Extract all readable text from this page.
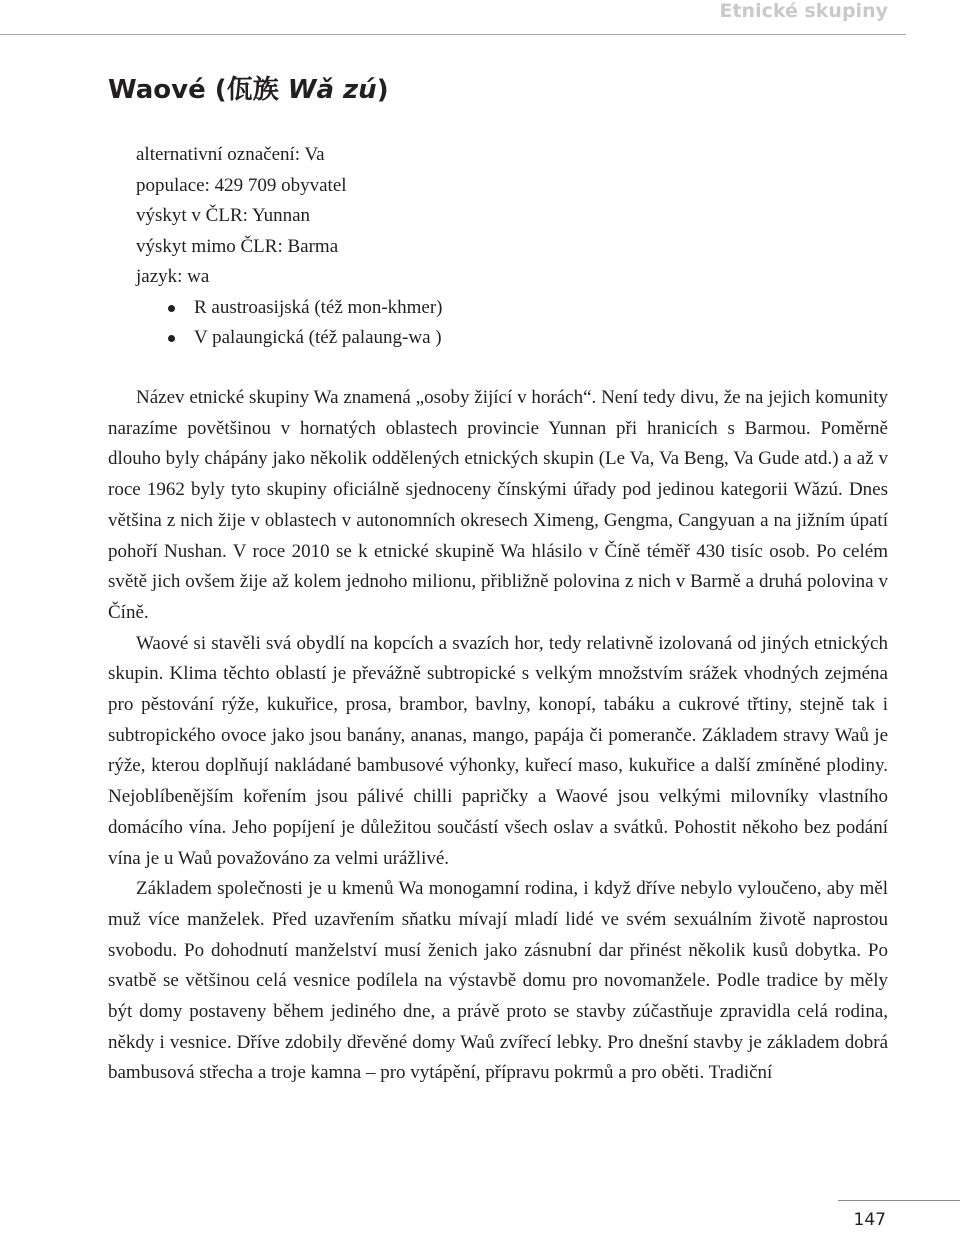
Etnické skupiny
Waové (佤族 Wǎ zú)
alternativní označení: Va
populace: 429 709 obyvatel
výskyt v ČLR: Yunnan
výskyt mimo ČLR: Barma
jazyk: wa
R austroasijská (též mon-khmer)
V palaungická (též palaung-wa )

Název etnické skupiny Wa znamená „osoby žijící v horách“. Není tedy divu, že na jejich komunity narazíme povětšinou v hornatých oblastech provincie Yunnan při hranicích s Barmou. Poměrně dlouho byly chápány jako několik oddělených etnických skupin (Le Va, Va Beng, Va Gude atd.) a až v roce 1962 byly tyto skupiny oficiálně sjednoceny čínskými úřady pod jedinou kategorii Wǎzú. Dnes většina z nich žije v oblastech v autonomních okresech Ximeng, Gengma, Cangyuan a na jižním úpatí pohoří Nushan. V roce 2010 se k etnické skupině Wa hlásilo v Číně téměř 430 tisíc osob. Po celém světě jich ovšem žije až kolem jednoho milionu, přibližně polovina z nich v Barmě a druhá polovina v Číně.

Waové si stavěli svá obydlí na kopcích a svazích hor, tedy relativně izolovaná od jiných etnických skupin. Klima těchto oblastí je převážně subtropické s velkým množstvím srážek vhodných zejména pro pěstování rýže, kukuřice, prosa, brambor, bavlny, konopí, tabáku a cukrové třtiny, stejně tak i subtropického ovoce jako jsou banány, ananas, mango, papája či pomeranče. Základem stravy Waů je rýže, kterou doplňují nakládané bambusové výhonky, kuřecí maso, kukuřice a další zmíněné plodiny. Nejoblíbenějším kořením jsou pálivé chilli papričky a Waové jsou velkými milovníky vlastního domácího vína. Jeho popíjení je důležitou součástí všech oslav a svátků. Pohostit někoho bez podání vína je u Waů považováno za velmi urážlivé.

Základem společnosti je u kmenů Wa monogamní rodina, i když dříve nebylo vyloučeno, aby měl muž více manželek. Před uzavřením sňatku mívají mladí lidé ve svém sexuálním životě naprostou svobodu. Po dohodnutí manželství musí ženich jako zásnubní dar přinést několik kusů dobytka. Po svatbě se většinou celá vesnice podílela na výstavbě domu pro novomanžele. Podle tradice by měly být domy postaveny během jediného dne, a právě proto se stavby zúčastňuje zpravidla celá rodina, někdy i vesnice. Dříve zdobily dřevěné domy Waů zvířecí lebky. Pro dnešní stavby je základem dobrá bambusová střecha a troje kamna – pro vytápění, přípravu pokrmů a pro oběti. Tradiční

147
